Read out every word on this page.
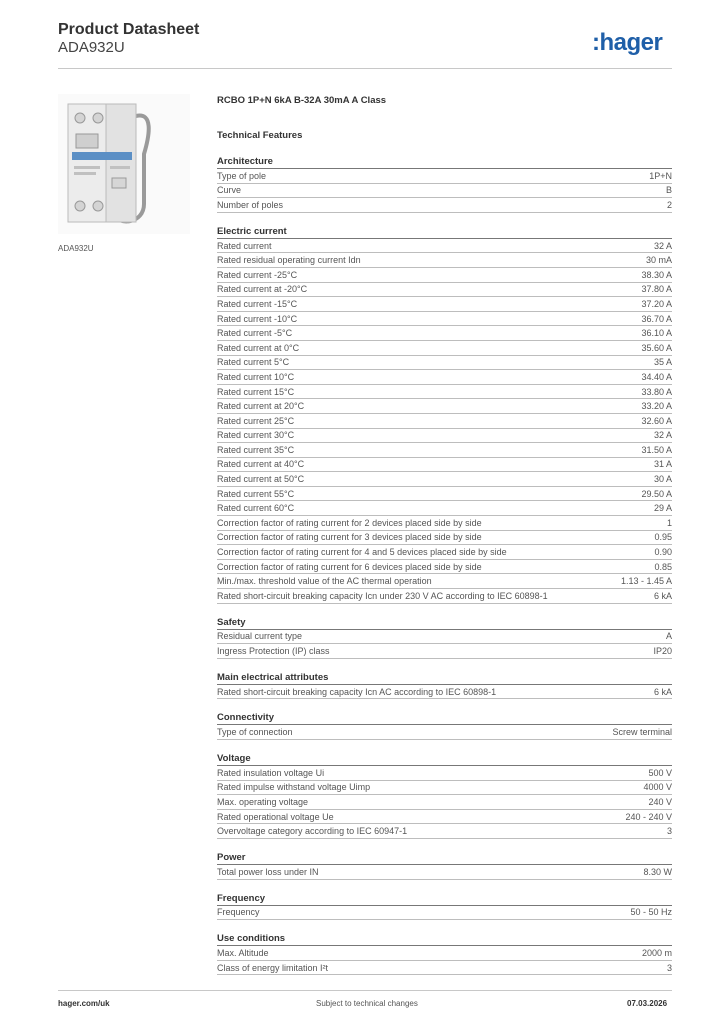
Product Datasheet
ADA932U	:hager
ADA932U
RCBO 1P+N 6kA B-32A 30mA A Class
Technical Features
Architecture
Type of pole	1P+N
Curve	B
Number of poles	2
Electric current
Rated current	32 A
Rated residual operating current Idn	30 mA
Rated current -25°C	38.30 A
Rated current at -20°C	37.80 A
Rated current -15°C	37.20 A
Rated current -10°C	36.70 A
Rated current -5°C	36.10 A
Rated current at 0°C	35.60 A
Rated current 5°C	35 A
Rated current 10°C	34.40 A
Rated current 15°C	33.80 A
Rated current at 20°C	33.20 A
Rated current 25°C	32.60 A
Rated current 30°C	32 A
Rated current 35°C	31.50 A
Rated current at 40°C	31 A
Rated current at 50°C	30 A
Rated current 55°C	29.50 A
Rated current 60°C	29 A
Correction factor of rating current for 2 devices placed side by side	1
Correction factor of rating current for 3 devices placed side by side	0.95
Correction factor of rating current for 4 and 5 devices placed side by side	0.90
Correction factor of rating current for 6 devices placed side by side	0.85
Min./max. threshold value of the AC thermal operation	1.13 - 1.45 A
Rated short-circuit breaking capacity Icn under 230 V AC according to IEC 60898-1	6 kA
Safety
Residual current type	A
Ingress Protection (IP) class	IP20
Main electrical attributes
Rated short-circuit breaking capacity Icn AC according to IEC 60898-1	6 kA
Connectivity
Type of connection	Screw terminal
Voltage
Rated insulation voltage Ui	500 V
Rated impulse withstand voltage Uimp	4000 V
Max. operating voltage	240 V
Rated operational voltage Ue	240 - 240 V
Overvoltage category according to IEC 60947-1	3
Power
Total power loss under IN	8.30 W
Frequency
Frequency	50 - 50 Hz
Use conditions
Max. Altitude	2000 m
Class of energy limitation I²t	3
hager.com/uk	Subject to technical changes	07.03.2026
